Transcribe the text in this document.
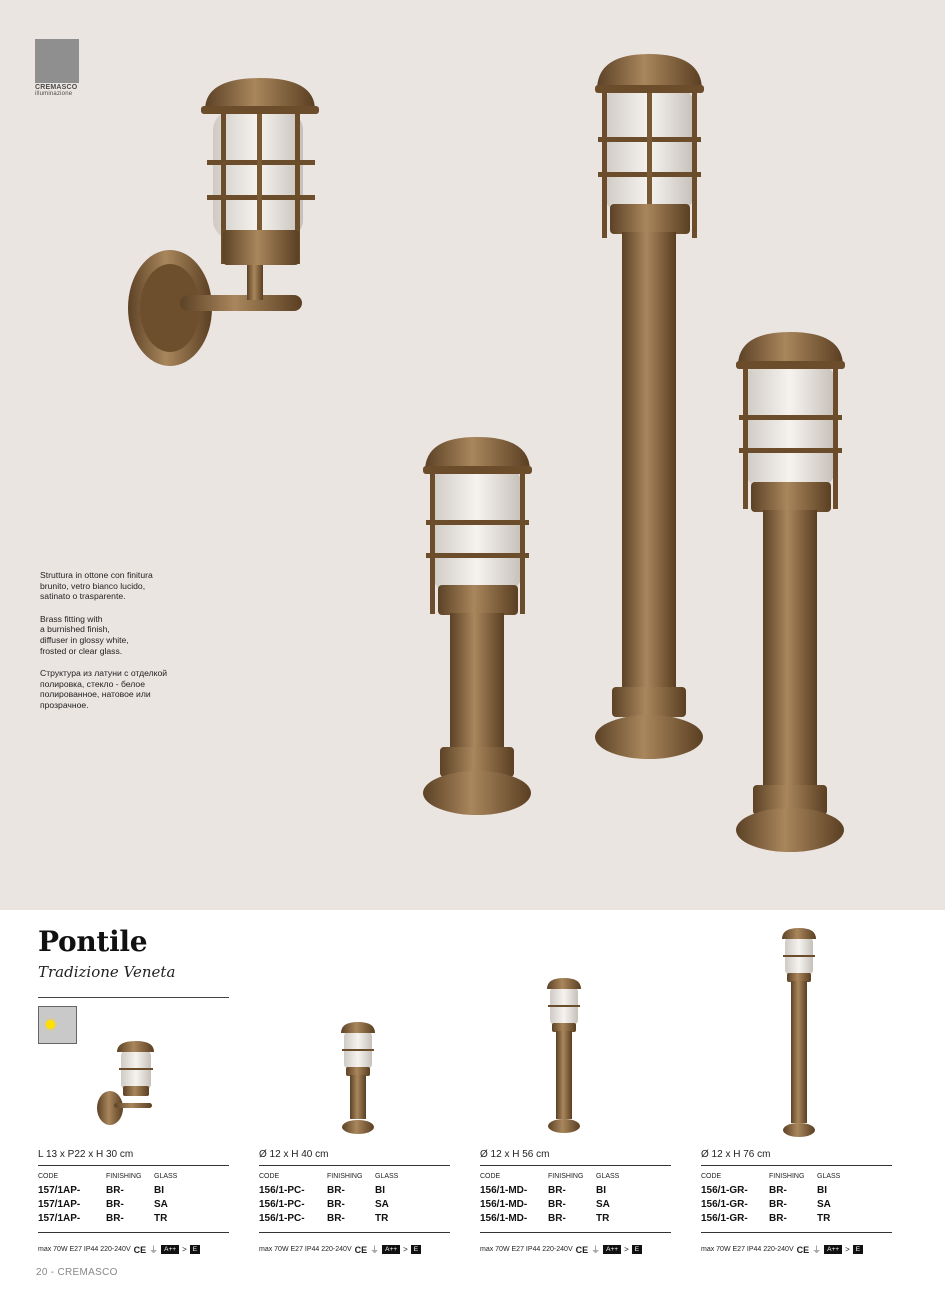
CREMASCO
illuminazione

Struttura in ottone con finitura
brunito, vetro bianco lucido,
satinato o trasparente.

Brass fitting with
a burnished finish,
diffuser in glossy white,
frosted or clear glass.

Структура из латуни с отделкой
полировка, стекло - белое
полированное, натовое или
прозрачное.

Pontile
Tradizione Veneta
L 13 x P22 x H 30 cm
CODE	FINISHING	GLASS
157/1AP-	BR-	BI
157/1AP-	BR-	SA
157/1AP-	BR-	TR
max 70W E27 IP44 220-240V CE ⏚ A++ > E
Ø 12 x H 40 cm
CODE	FINISHING	GLASS
156/1-PC-	BR-	BI
156/1-PC-	BR-	SA
156/1-PC-	BR-	TR
max 70W E27 IP44 220-240V CE ⏚ A++ > E
Ø 12 x H 56 cm
CODE	FINISHING	GLASS
156/1-MD-	BR-	BI
156/1-MD-	BR-	SA
156/1-MD-	BR-	TR
max 70W E27 IP44 220-240V CE ⏚ A++ > E
Ø 12 x H 76 cm
CODE	FINISHING	GLASS
156/1-GR-	BR-	BI
156/1-GR-	BR-	SA
156/1-GR-	BR-	TR
max 70W E27 IP44 220-240V CE ⏚ A++ > E
20 - CREMASCO
